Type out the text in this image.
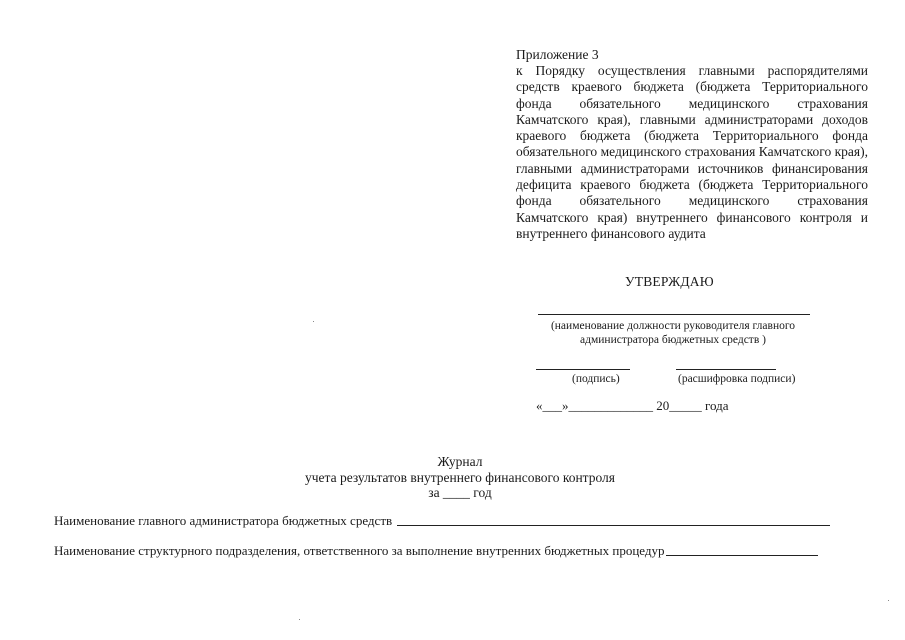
Приложение 3
к Порядку осуществления главными распорядителями средств краевого бюджета (бюджета Территориального фонда обязательного медицинского страхования Камчатского края), главными администраторами доходов краевого бюджета (бюджета Территориального фонда обязательного медицинского страхования Камчатского края), главными администраторами источников финансирования дефицита краевого бюджета (бюджета Территориального фонда обязательного медицинского страхования Камчатского края) внутреннего финансового контроля и внутреннего финансового аудита
УТВЕРЖДАЮ
(наименование должности руководителя главного администратора бюджетных средств )
(подпись)	(расшифровка подписи)
«___»_____________ 20_____ года
Журнал
учета результатов внутреннего финансового контроля
за ____ год
Наименование главного администратора бюджетных средств
Наименование структурного подразделения, ответственного за выполнение внутренних бюджетных процедур
